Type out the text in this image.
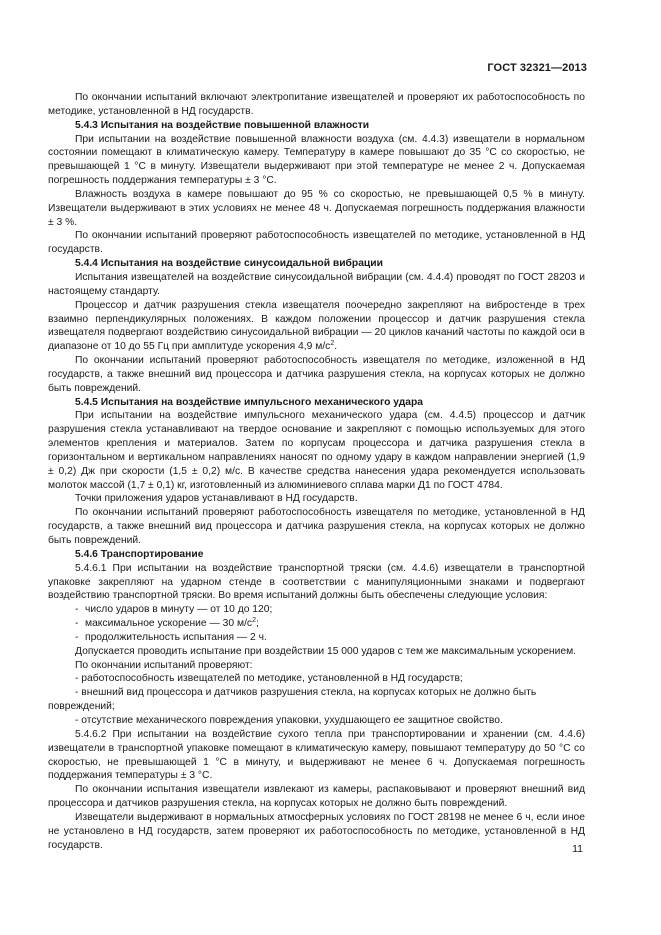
ГОСТ 32321—2013

По окончании испытаний включают электропитание извещателей и проверяют их работоспособность по методике, установленной в НД государств.

5.4.3 Испытания на воздействие повышенной влажности

При испытании на воздействие повышенной влажности воздуха (см. 4.4.3) извещатели в нормальном состоянии помещают в климатическую камеру. Температуру в камере повышают до 35 °С со скоростью, не превышающей 1 °С в минуту. Извещатели выдерживают при этой температуре не менее 2 ч. Допускаемая погрешность поддержания температуры ± 3 °С.

Влажность воздуха в камере повышают до 95 % со скоростью, не превышающей 0,5 % в минуту. Извещатели выдерживают в этих условиях не менее 48 ч. Допускаемая погрешность поддержания влажности ± 3 %.

По окончании испытаний проверяют работоспособность извещателей по методике, установленной в НД государств.

5.4.4 Испытания на воздействие синусоидальной вибрации

Испытания извещателей на воздействие синусоидальной вибрации (см. 4.4.4) проводят по ГОСТ 28203 и настоящему стандарту.

Процессор и датчик разрушения стекла извещателя поочередно закрепляют на вибростенде в трех взаимно перпендикулярных положениях. В каждом положении процессор и датчик разрушения стекла извещателя подвергают воздействию синусоидальной вибрации — 20 циклов качаний частоты по каждой оси в диапазоне от 10 до 55 Гц при амплитуде ускорения 4,9 $м/с^2$.

По окончании испытаний проверяют работоспособность извещателя по методике, изложенной в НД государств, а также внешний вид процессора и датчика разрушения стекла, на корпусах которых не должно быть повреждений.

5.4.5 Испытания на воздействие импульсного механического удара

При испытании на воздействие импульсного механического удара (см. 4.4.5) процессор и датчик разрушения стекла устанавливают на твердое основание и закрепляют с помощью используемых для этого элементов крепления и материалов. Затем по корпусам процессора и датчика разрушения стекла в горизонтальном и вертикальном направлениях наносят по одному удару в каждом направлении энергией (1,9 ± 0,2) Дж при скорости (1,5 ± 0,2) м/с. В качестве средства нанесения удара рекомендуется использовать молоток массой (1,7 ± 0,1) кг, изготовленный из алюминиевого сплава марки Д1 по ГОСТ 4784.

Точки приложения ударов устанавливают в НД государств.

По окончании испытаний проверяют работоспособность извещателя по методике, установленной в НД государств, а также внешний вид процессора и датчика разрушения стекла, на корпусах которых не должно быть повреждений.

5.4.6 Транспортирование

5.4.6.1 При испытании на воздействие транспортной тряски (см. 4.4.6) извещатели в транспортной упаковке закрепляют на ударном стенде в соответствии с манипуляционными знаками и подвергают воздействию транспортной тряски. Во время испытаний должны быть обеспечены следующие условия:

- число ударов в минуту — от 10 до 120;

- максимальное ускорение — 30 $м/с^2$;

- продолжительность испытания — 2 ч.

Допускается проводить испытание при воздействии 15 000 ударов с тем же максимальным ускорением.

По окончании испытаний проверяют:

- работоспособность извещателей по методике, установленной в НД государств;

- внешний вид процессора и датчиков разрушения стекла, на корпусах которых не должно быть повреждений;

- отсутствие механического повреждения упаковки, ухудшающего ее защитное свойство.

5.4.6.2 При испытании на воздействие сухого тепла при транспортировании и хранении (см. 4.4.6) извещатели в транспортной упаковке помещают в климатическую камеру, повышают температуру до 50 °С со скоростью, не превышающей 1 °С в минуту, и выдерживают не менее 6 ч. Допускаемая погрешность поддержания температуры ± 3 °С.

По окончании испытания извещатели извлекают из камеры, распаковывают и проверяют внешний вид процессора и датчиков разрушения стекла, на корпусах которых не должно быть повреждений.

Извещатели выдерживают в нормальных атмосферных условиях по ГОСТ 28198 не менее 6 ч, если иное не установлено в НД государств, затем проверяют их работоспособность по методике, установленной в НД государств.	11
